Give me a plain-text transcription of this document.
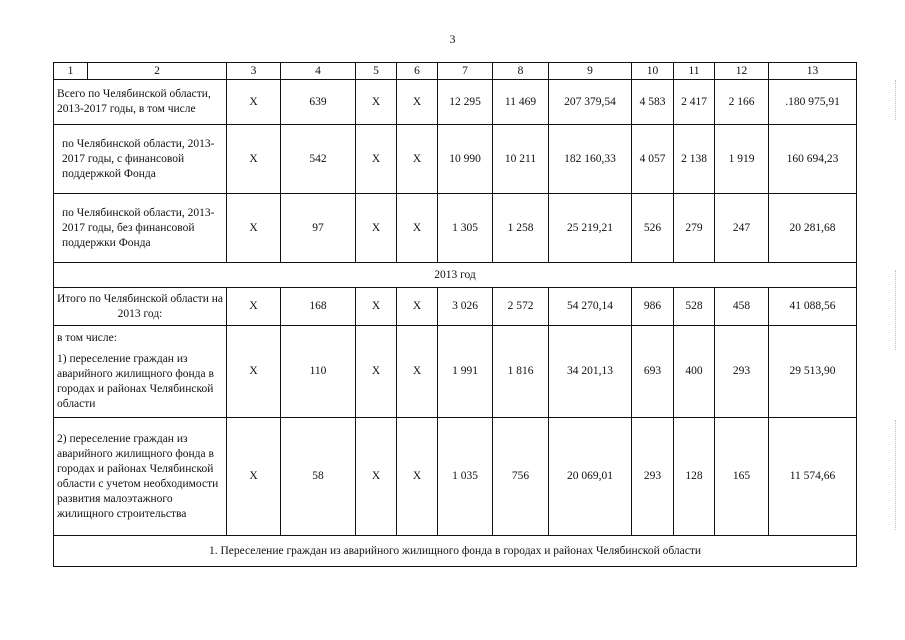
3
1	2	3	4	5	6	7	8	9	10	11	12	13
Всего по Челябинской области, 2013-2017 годы, в том числе		Х	639	Х	Х	12 295	11 469	207 379,54	4 583	2 417	2 166	.180 975,91
по Челябинской области, 2013-2017 годы, с финансовой поддержкой Фонда		Х	542	Х	Х	10 990	10 211	182 160,33	4 057	2 138	1 919	160 694,23
по Челябинской области, 2013-2017 годы, без финансовой поддержки Фонда		Х	97	Х	Х	1 305	1 258	25 219,21	526	279	247	20 281,68
2013 год												
Итого по Челябинской области на 2013 год:		Х	168	Х	Х	3 026	2 572	54 270,14	986	528	458	41 088,56

в том числе:
1) переселение граждан из аварийного жилищного фонда в городах и районах Челябинской области		Х	110	Х	Х	1 991	1 816	34 201,13	693	400	293	29 513,90
2) переселение граждан из аварийного жилищного фонда в городах и районах Челябинской области с учетом необходимости развития малоэтажного жилищного строительства		Х	58	Х	Х	1 035	756	20 069,01	293	128	165	11 574,66
1. Переселение граждан из аварийного жилищного фонда в городах и районах Челябинской области												
